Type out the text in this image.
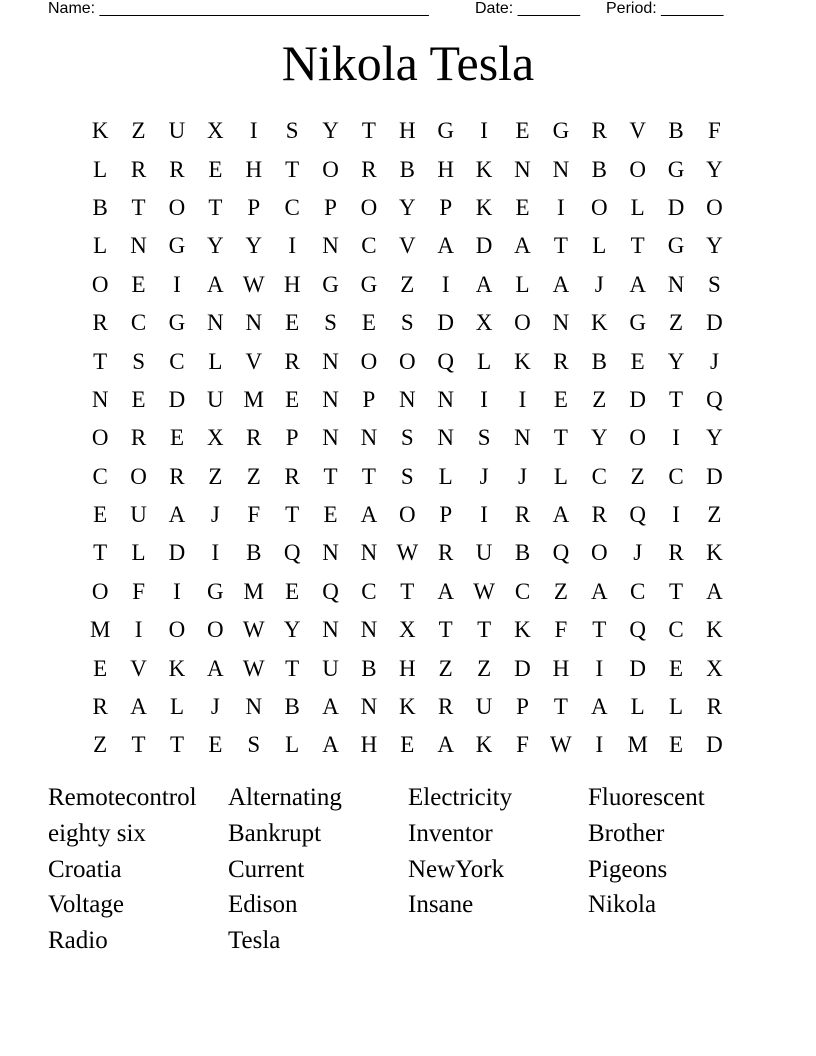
Name: _____________________________________

	Date: _______

Period: _______

Nikola Tesla
K	Z	U X	I	S	Y	T	H G	I	E	G R V B	F
L	R	R	E	H	T	O R	B H K N N B O G Y
B	T	O	T	P	C	P	O Y	P	K	E	I	O	L	D O
L	N G Y Y	I	N C V A D A	T	L	T	G Y
O	E	I	A W H G G	Z	I	A	L	A	J	A N	S
R	C G N N	E	S	E	S	D X O N K G	Z	D
T	S	C	L	V R N O O Q	L	K R	B	E	Y	J
N	E	D U M E	N	P	N N	I	I	E	Z	D	T	Q
O R	E	X R	P	N N	S	N	S	N	T	Y O	I	Y
C O R	Z	Z	R	T	T	S	L	J	J	L	C	Z	C D
E	U A	J	F	T	E	A O	P	I	R A R Q	I	Z
T	L	D	I	B Q N N W R U B Q O	J	R K
O	F	I	G M E	Q C	T	A W C	Z	A C	T	A
M	I	O O W Y N N X	T	T	K	F	T	Q C K
E	V K A W T	U B H	Z	Z	D H	I	D	E	X
R A	L	J	N B A N K R U	P	T	A	L	L	R
Z	T	T	E	S	L	A H	E	A K	F W	I	M E	D
Remotecontrol	Alternating	Electricity	Fluorescent
eighty six	Bankrupt	Inventor	Brother
Croatia	Current	NewYork	Pigeons
Voltage	Edison	Insane	Nikola
Radio	Tesla
